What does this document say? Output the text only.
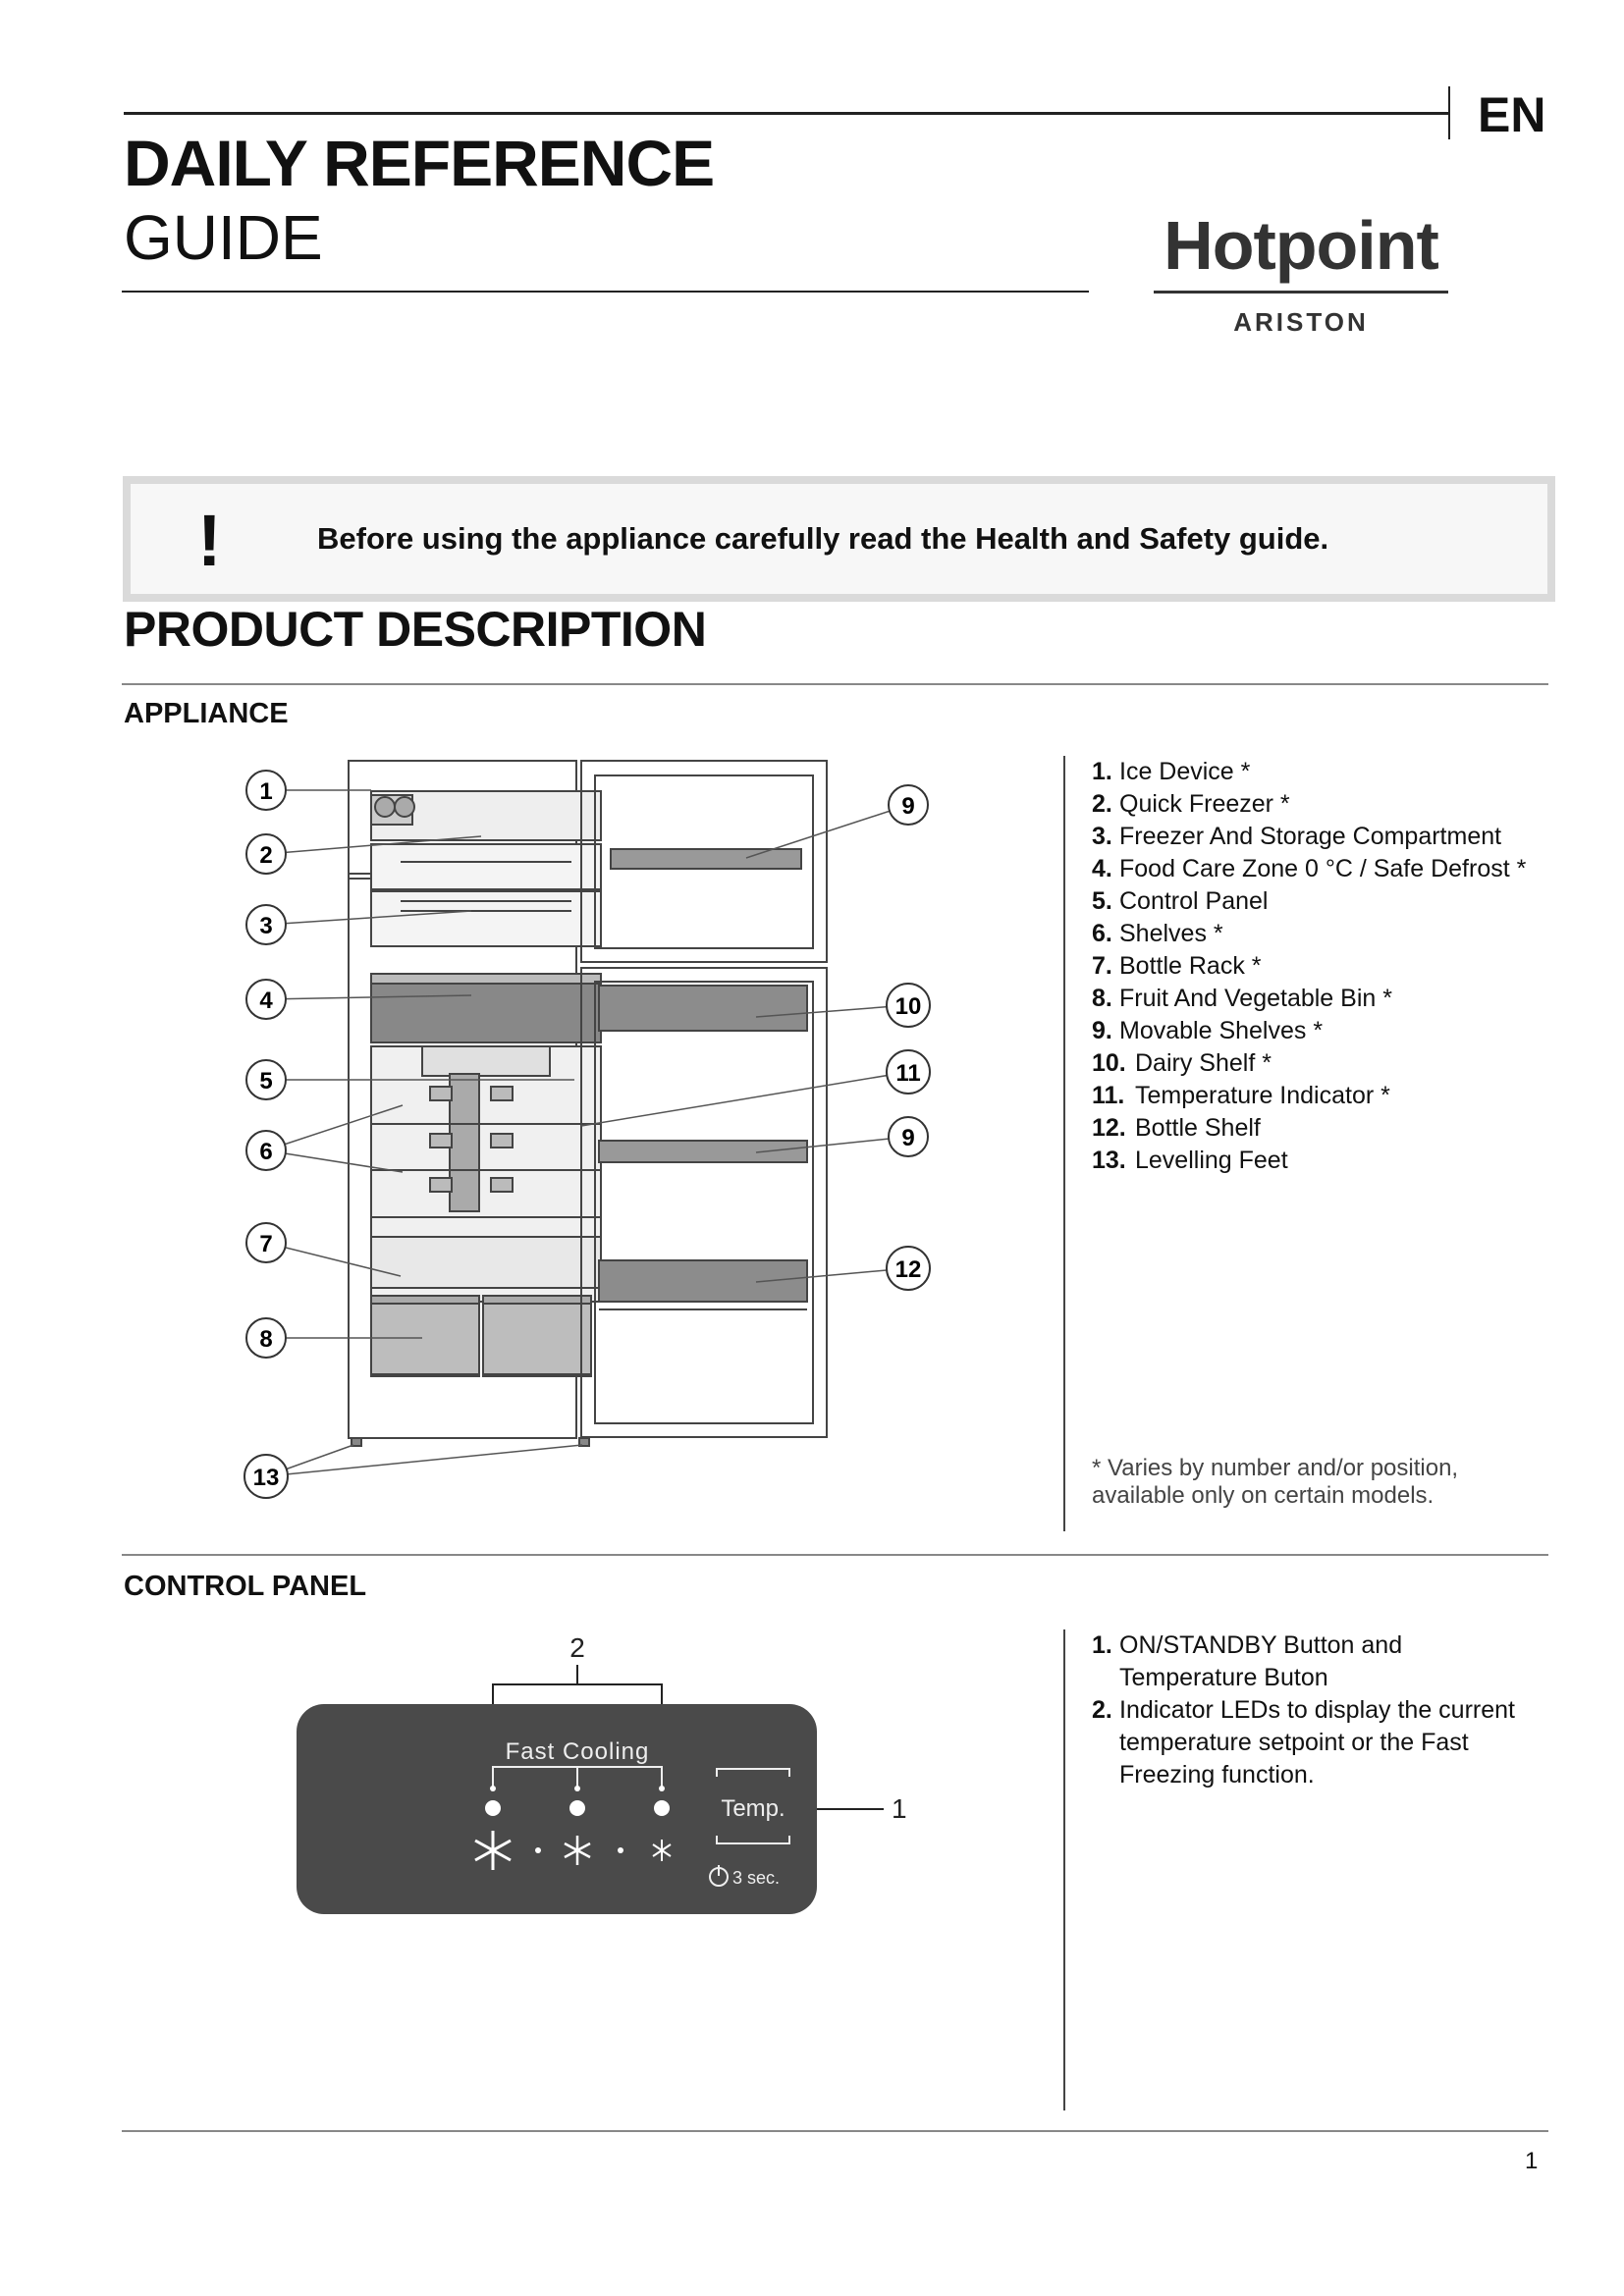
EN
DAILY REFERENCE
GUIDE	Hotpoint
ARISTON
!	Before using the appliance carefully read the Health and Safety guide.
PRODUCT DESCRIPTION
APPLIANCE
1
2
3
4
5
6
7
8
9
10
11
9
12
13
1. Ice Device *
2. Quick Freezer *
3. Freezer And Storage Compartment
4. Food Care Zone 0 °C / Safe Defrost *
5. Control Panel
6. Shelves *
7. Bottle Rack *
8. Fruit And Vegetable Bin *
9. Movable Shelves *
10. Dairy Shelf *
11. Temperature Indicator *
12. Bottle Shelf
13. Levelling Feet
* Varies by number and/or position,
available only on certain models.
CONTROL PANEL
2
1
Fast Cooling
Temp.
3 sec.
1. ON/STANDBY Button and Temperature Buton
2. Indicator LEDs to display the current temperature setpoint or the Fast Freezing function.
1
